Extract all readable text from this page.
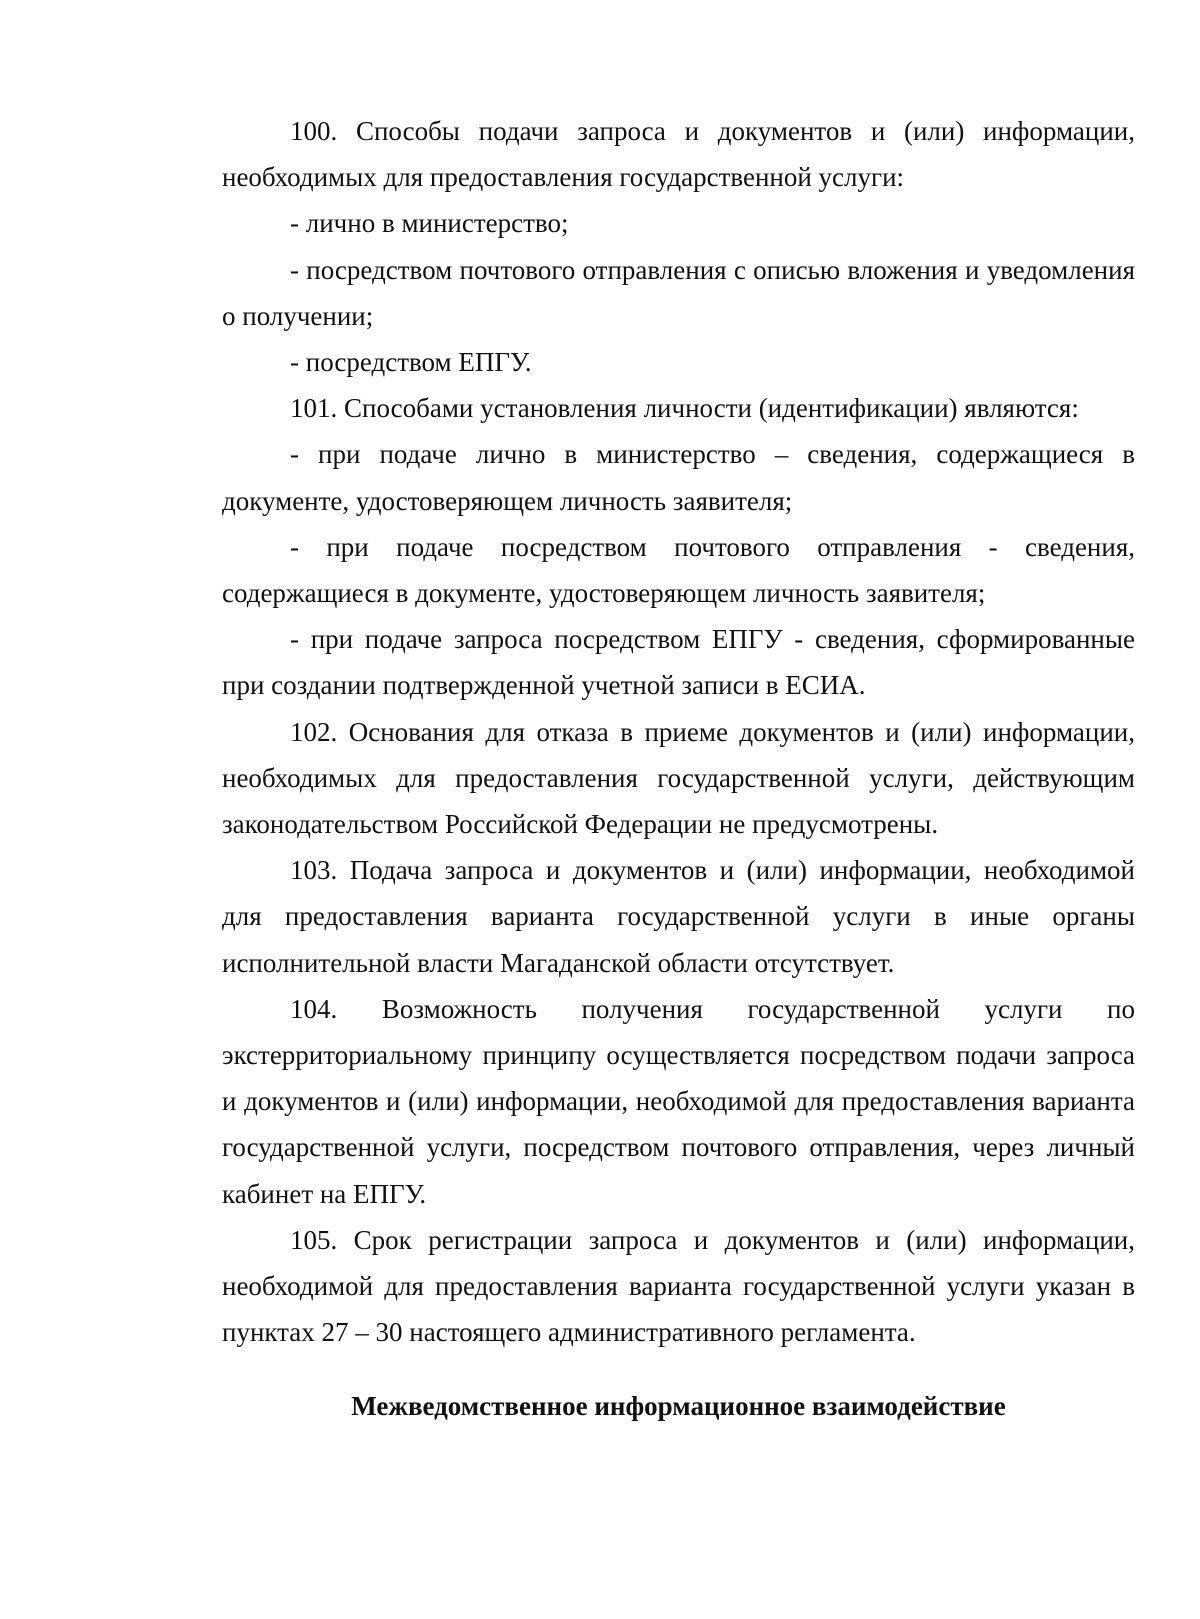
100. Способы подачи запроса и документов и (или) информации, необходимых для предоставления государственной услуги:

- лично в министерство;

- посредством почтового отправления с описью вложения и уведомления о получении;

- посредством ЕПГУ.

101. Способами установления личности (идентификации) являются:

- при подаче лично в министерство – сведения, содержащиеся в документе, удостоверяющем личность заявителя;

- при подаче посредством почтового отправления - сведения, содержащиеся в документе, удостоверяющем личность заявителя;

- при подаче запроса посредством ЕПГУ - сведения, сформированные при создании подтвержденной учетной записи в ЕСИА.

102. Основания для отказа в приеме документов и (или) информации, необходимых для предоставления государственной услуги, действующим законодательством Российской Федерации не предусмотрены.

103. Подача запроса и документов и (или) информации, необходимой для предоставления варианта государственной услуги в иные органы исполнительной власти Магаданской области отсутствует.

104. Возможность получения государственной услуги по экстерриториальному принципу осуществляется посредством подачи запроса и документов и (или) информации, необходимой для предоставления варианта государственной услуги, посредством почтового отправления, через личный кабинет на ЕПГУ.

105. Срок регистрации запроса и документов и (или) информации, необходимой для предоставления варианта государственной услуги указан в пунктах 27 – 30 настоящего административного регламента.

Межведомственное информационное взаимодействие
